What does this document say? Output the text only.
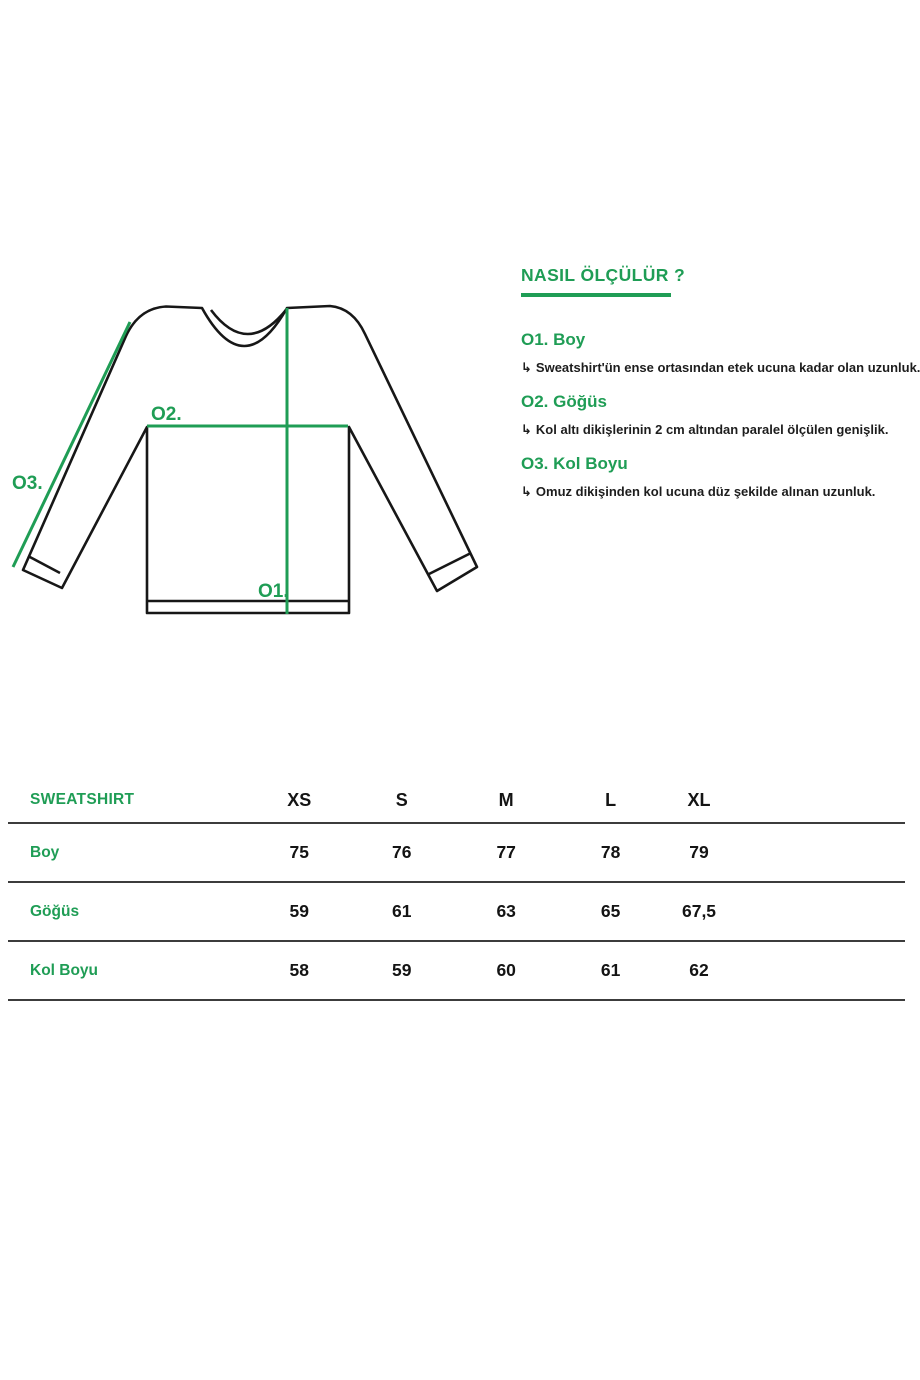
O2.
O1.
O3.
NASIL ÖLÇÜLÜR ?
O1. Boy
↳ Sweatshirt'ün ense ortasından etek ucuna kadar olan uzunluk.
O2. Göğüs
↳ Kol altı dikişlerinin 2 cm altından paralel ölçülen genişlik.
O3. Kol Boyu
↳ Omuz dikişinden kol ucuna düz şekilde alınan uzunluk.
SWEATSHIRT	XS	S	M	L	XL	
Boy	75	76	77	78	79	
Göğüs	59	61	63	65	67,5	
Kol Boyu	58	59	60	61	62	
